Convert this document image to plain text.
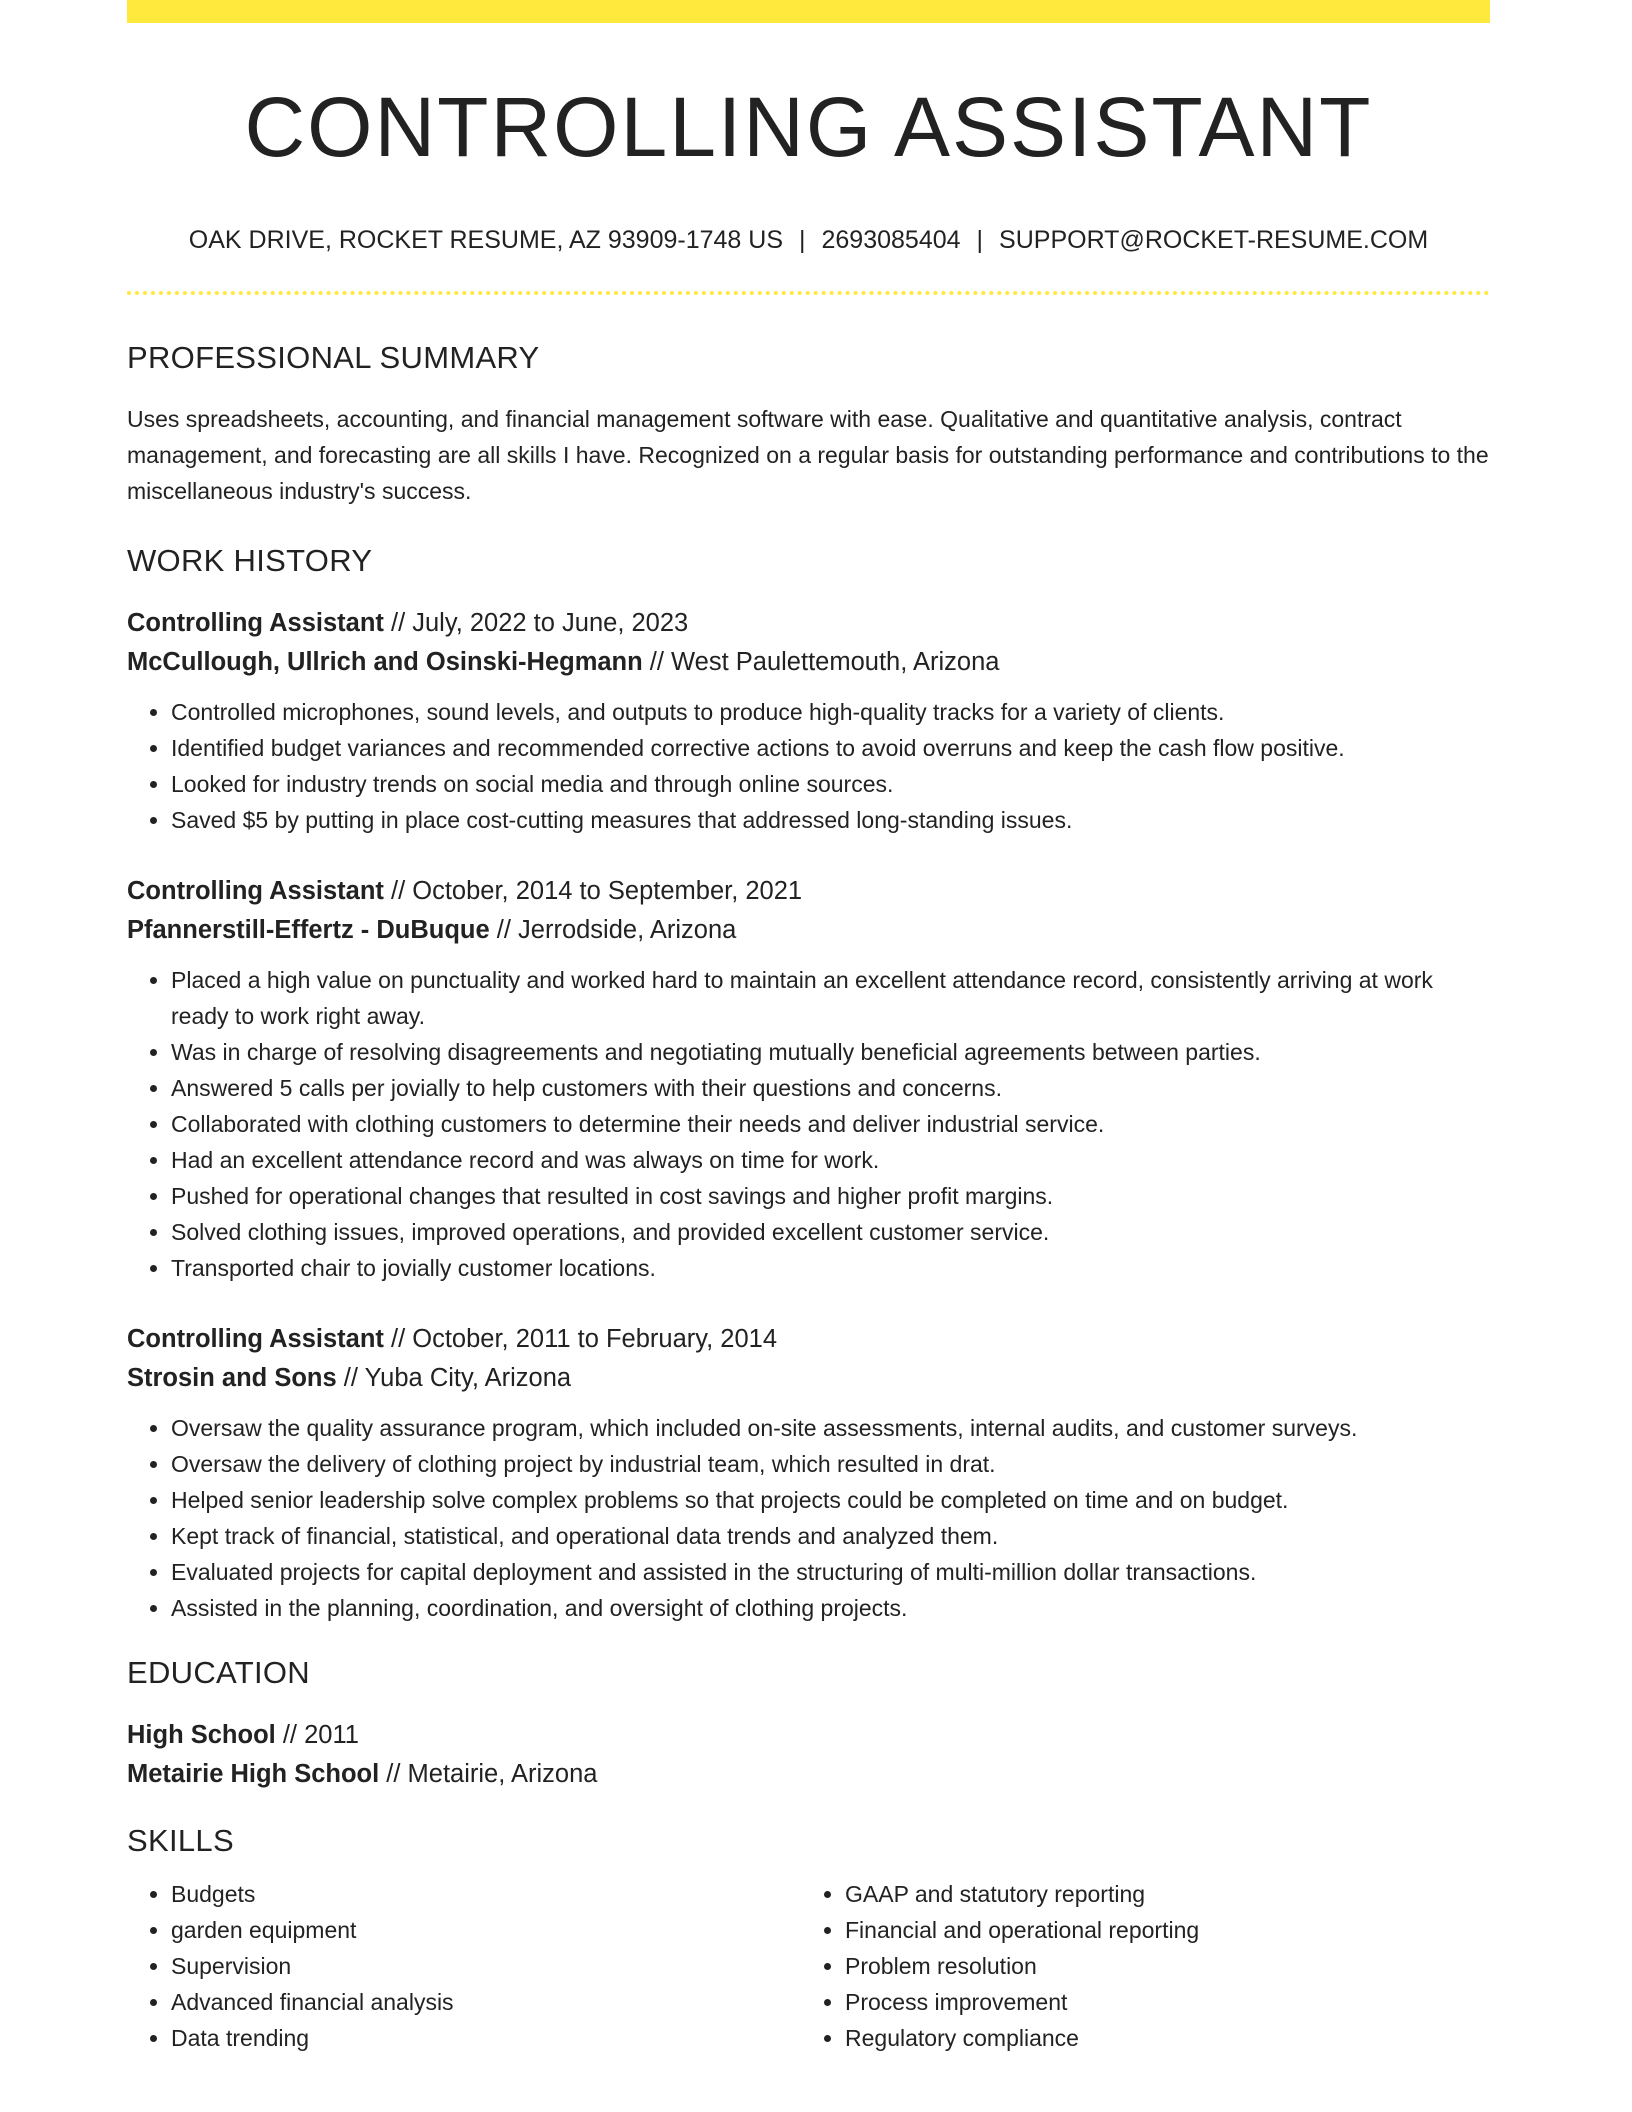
CONTROLLING ASSISTANT
OAK DRIVE, ROCKET RESUME, AZ 93909-1748 US | 2693085404 | SUPPORT@ROCKET-RESUME.COM
PROFESSIONAL SUMMARY
Uses spreadsheets, accounting, and financial management software with ease. Qualitative and quantitative analysis, contract management, and forecasting are all skills I have. Recognized on a regular basis for outstanding performance and contributions to the miscellaneous industry's success.
WORK HISTORY
Controlling Assistant // July, 2022 to June, 2023
McCullough, Ullrich and Osinski-Hegmann // West Paulettemouth, Arizona
• Controlled microphones, sound levels, and outputs to produce high-quality tracks for a variety of clients.
• Identified budget variances and recommended corrective actions to avoid overruns and keep the cash flow positive.
• Looked for industry trends on social media and through online sources.
• Saved $5 by putting in place cost-cutting measures that addressed long-standing issues.
Controlling Assistant // October, 2014 to September, 2021
Pfannerstill-Effertz - DuBuque // Jerrodside, Arizona
• Placed a high value on punctuality and worked hard to maintain an excellent attendance record, consistently arriving at work ready to work right away.
• Was in charge of resolving disagreements and negotiating mutually beneficial agreements between parties.
• Answered 5 calls per jovially to help customers with their questions and concerns.
• Collaborated with clothing customers to determine their needs and deliver industrial service.
• Had an excellent attendance record and was always on time for work.
• Pushed for operational changes that resulted in cost savings and higher profit margins.
• Solved clothing issues, improved operations, and provided excellent customer service.
• Transported chair to jovially customer locations.
Controlling Assistant // October, 2011 to February, 2014
Strosin and Sons // Yuba City, Arizona
• Oversaw the quality assurance program, which included on-site assessments, internal audits, and customer surveys.
• Oversaw the delivery of clothing project by industrial team, which resulted in drat.
• Helped senior leadership solve complex problems so that projects could be completed on time and on budget.
• Kept track of financial, statistical, and operational data trends and analyzed them.
• Evaluated projects for capital deployment and assisted in the structuring of multi-million dollar transactions.
• Assisted in the planning, coordination, and oversight of clothing projects.
EDUCATION
High School // 2011
Metairie High School // Metairie, Arizona
SKILLS
• Budgets
• garden equipment
• Supervision
• Advanced financial analysis
• Data trending
• GAAP and statutory reporting
• Financial and operational reporting
• Problem resolution
• Process improvement
• Regulatory compliance
